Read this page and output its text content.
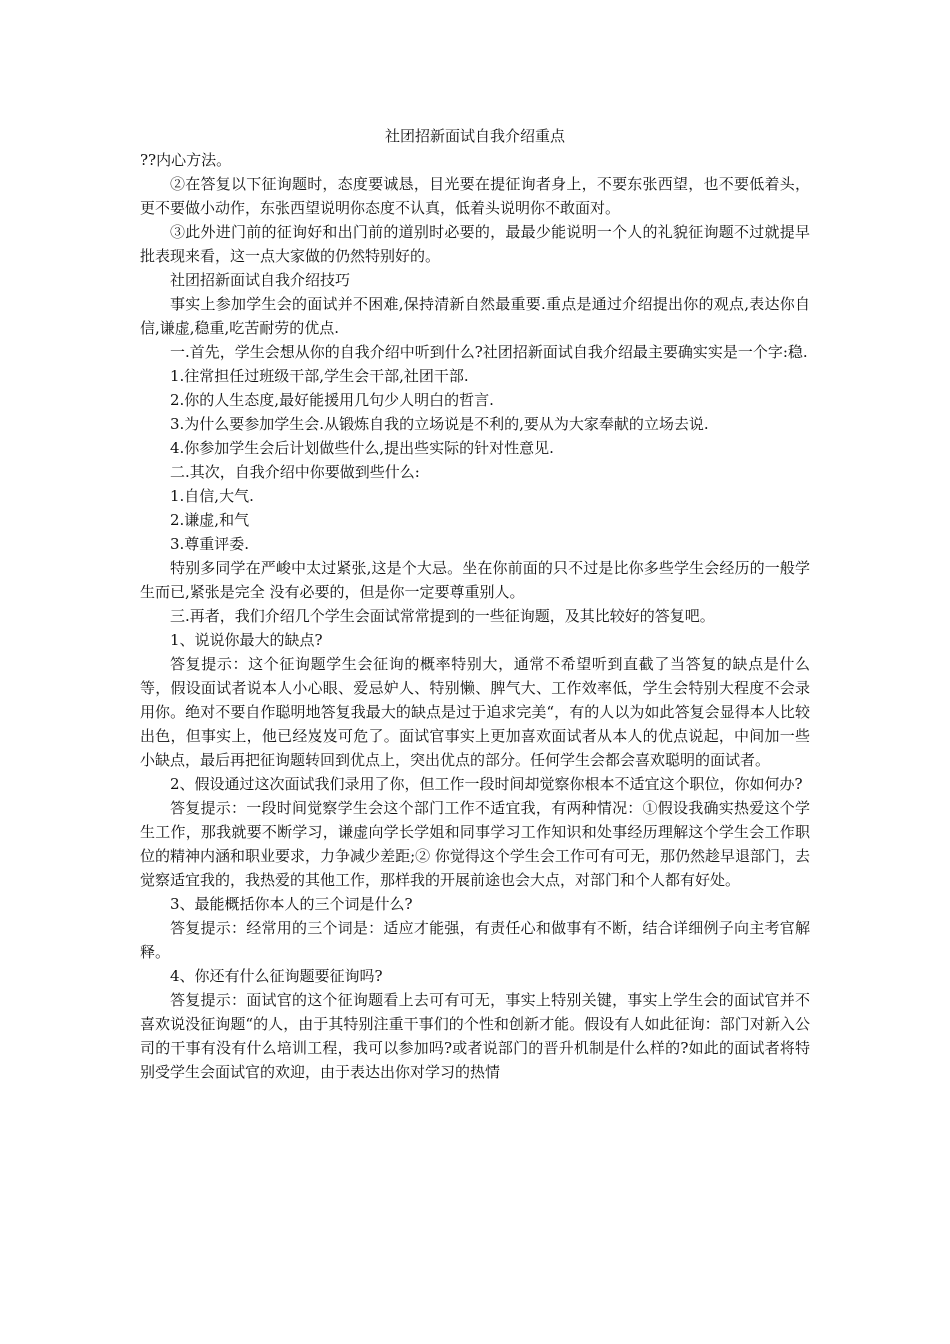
社团招新面试自我介绍重点

??内心方法。

②在答复以下征询题时，态度要诚恳，目光要在提征询者身上，不要东张西望，也不要低着头，更不要做小动作，东张西望说明你态度不认真，低着头说明你不敢面对。

③此外进门前的征询好和出门前的道别时必要的，最最少能说明一个人的礼貌征询题不过就提早批表现来看，这一点大家做的仍然特别好的。

社团招新面试自我介绍技巧

事实上参加学生会的面试并不困难,保持清新自然最重要.重点是通过介绍提出你的观点,表达你自信,谦虚,稳重,吃苦耐劳的优点.

一.首先，学生会想从你的自我介绍中听到什么?社团招新面试自我介绍最主要确实实是一个字:稳.

1.往常担任过班级干部,学生会干部,社团干部.

2.你的人生态度,最好能援用几句少人明白的哲言.

3.为什么要参加学生会.从锻炼自我的立场说是不利的,要从为大家奉献的立场去说.

4.你参加学生会后计划做些什么,提出些实际的针对性意见.

二.其次，自我介绍中你要做到些什么:

1.自信,大气.

2.谦虚,和气

3.尊重评委.

特别多同学在严峻中太过紧张,这是个大忌。坐在你前面的只不过是比你多些学生会经历的一般学生而已,紧张是完全 没有必要的，但是你一定要尊重别人。

三.再者，我们介绍几个学生会面试常常提到的一些征询题，及其比较好的答复吧。

1、说说你最大的缺点?

答复提示：这个征询题学生会征询的概率特别大，通常不希望听到直截了当答复的缺点是什么等，假设面试者说本人小心眼、爱忌妒人、特别懒、脾气大、工作效率低，学生会特别大程度不会录用你。绝对不要自作聪明地答复我最大的缺点是过于追求完美“，有的人以为如此答复会显得本人比较出色，但事实上，他已经岌岌可危了。面试官事实上更加喜欢面试者从本人的优点说起，中间加一些小缺点，最后再把征询题转回到优点上，突出优点的部分。任何学生会都会喜欢聪明的面试者。

2、假设通过这次面试我们录用了你，但工作一段时间却觉察你根本不适宜这个职位，你如何办?

答复提示：一段时间觉察学生会这个部门工作不适宜我，有两种情况：①假设我确实热爱这个学生工作，那我就要不断学习，谦虚向学长学姐和同事学习工作知识和处事经历理解这个学生会工作职位的精神内涵和职业要求，力争减少差距;② 你觉得这个学生会工作可有可无，那仍然趁早退部门，去觉察适宜我的，我热爱的其他工作，那样我的开展前途也会大点，对部门和个人都有好处。

3、最能概括你本人的三个词是什么?

答复提示：经常用的三个词是：适应才能强，有责任心和做事有不断，结合详细例子向主考官解释。

4、你还有什么征询题要征询吗?

答复提示：面试官的这个征询题看上去可有可无，事实上特别关键，事实上学生会的面试官并不喜欢说没征询题“的人，由于其特别注重干事们的个性和创新才能。假设有人如此征询：部门对新入公司的干事有没有什么培训工程，我可以参加吗?或者说部门的晋升机制是什么样的?如此的面试者将特别受学生会面试官的欢迎，由于表达出你对学习的热情
